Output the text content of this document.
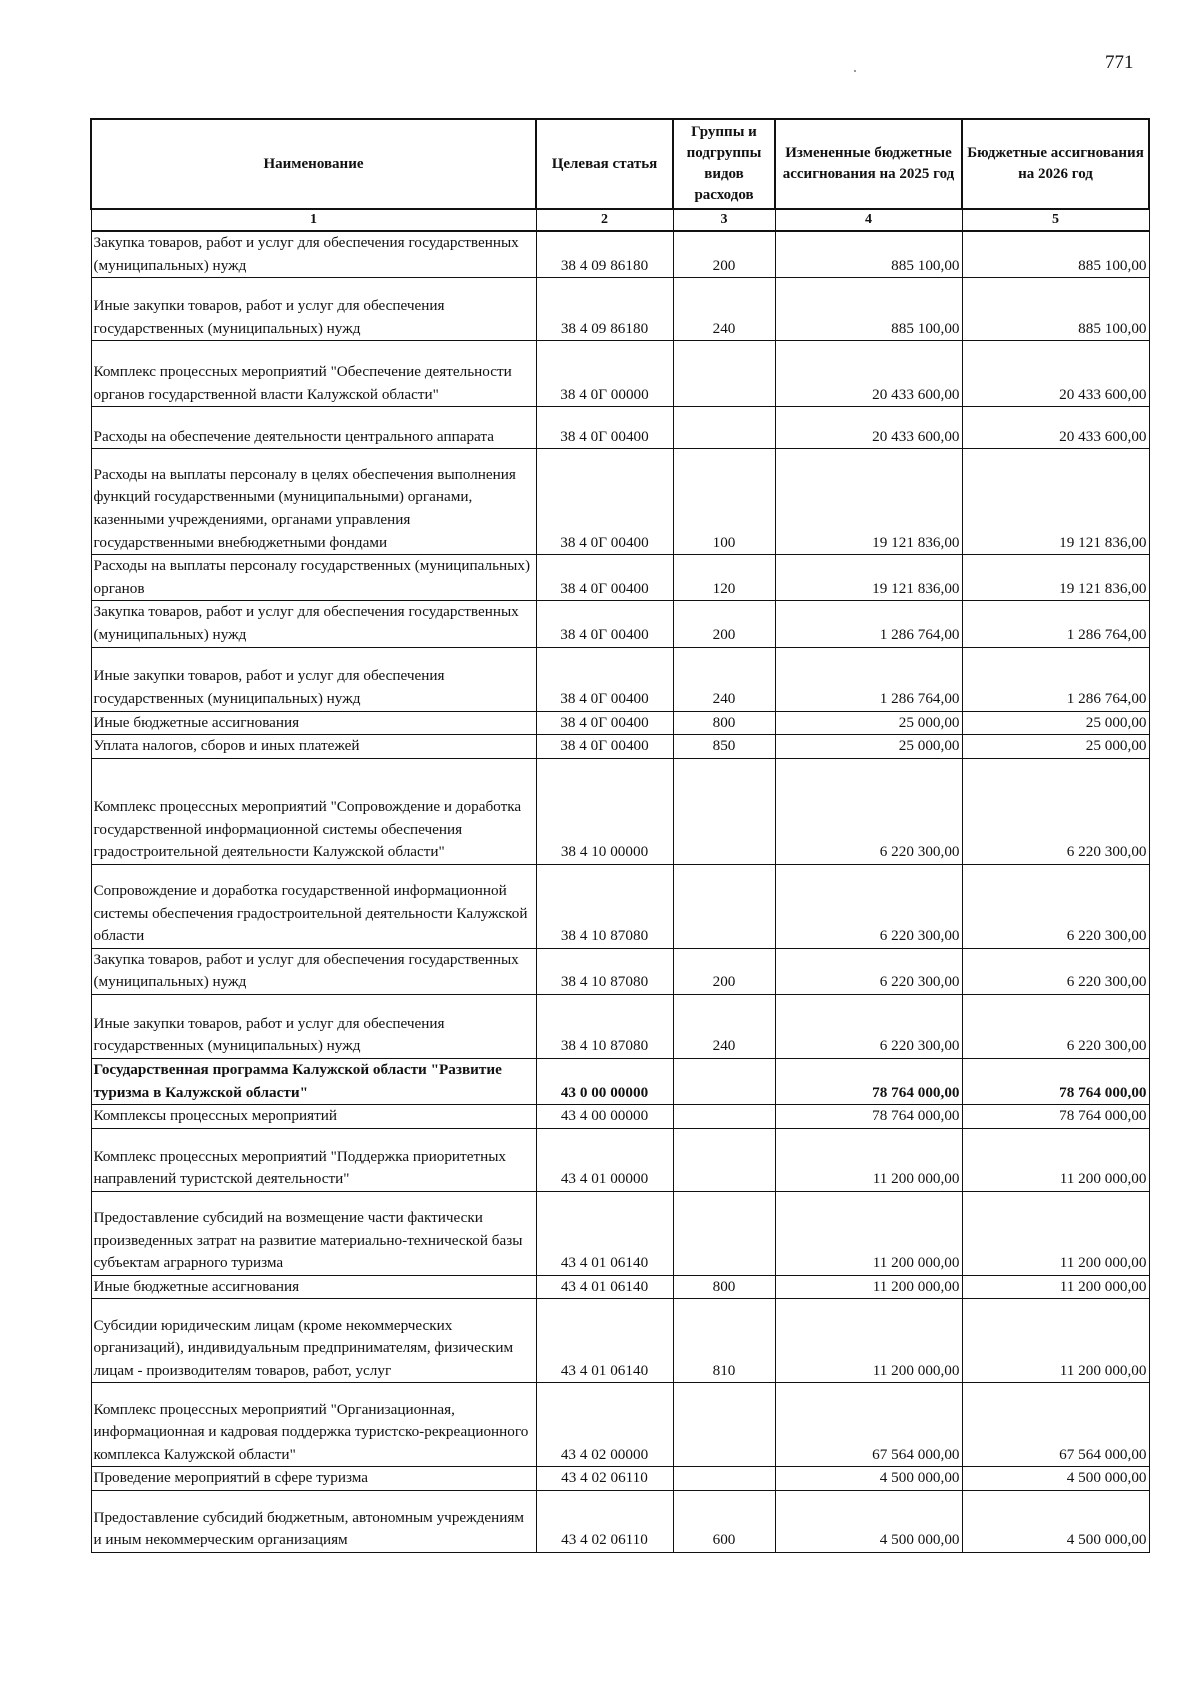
771
Наименование	Целевая статья	Группы и подгруппы видов расходов	Измененные бюджетные ассигнования на 2025 год	Бюджетные ассигнования на 2026 год
1	2	3	4	5
Закупка товаров, работ и услуг для обеспечения государственных (муниципальных) нужд	38 4 09 86180	200	885 100,00	885 100,00
Иные закупки товаров, работ и услуг для обеспечения государственных (муниципальных) нужд	38 4 09 86180	240	885 100,00	885 100,00
Комплекс процессных мероприятий "Обеспечение деятельности органов государственной власти Калужской области"	38 4 0Г 00000		20 433 600,00	20 433 600,00
Расходы на обеспечение деятельности центрального аппарата	38 4 0Г 00400		20 433 600,00	20 433 600,00
Расходы на выплаты персоналу в целях обеспечения выполнения функций государственными (муниципальными) органами, казенными учреждениями, органами управления государственными внебюджетными фондами	38 4 0Г 00400	100	19 121 836,00	19 121 836,00
Расходы на выплаты персоналу государственных (муниципальных) органов	38 4 0Г 00400	120	19 121 836,00	19 121 836,00
Закупка товаров, работ и услуг для обеспечения государственных (муниципальных) нужд	38 4 0Г 00400	200	1 286 764,00	1 286 764,00
Иные закупки товаров, работ и услуг для обеспечения государственных (муниципальных) нужд	38 4 0Г 00400	240	1 286 764,00	1 286 764,00
Иные бюджетные ассигнования	38 4 0Г 00400	800	25 000,00	25 000,00
Уплата налогов, сборов и иных платежей	38 4 0Г 00400	850	25 000,00	25 000,00
Комплекс процессных мероприятий "Сопровождение и доработка государственной информационной системы обеспечения градостроительной деятельности Калужской области"	38 4 10 00000		6 220 300,00	6 220 300,00
Сопровождение и доработка государственной информационной системы обеспечения градостроительной деятельности Калужской области	38 4 10 87080		6 220 300,00	6 220 300,00
Закупка товаров, работ и услуг для обеспечения государственных (муниципальных) нужд	38 4 10 87080	200	6 220 300,00	6 220 300,00
Иные закупки товаров, работ и услуг для обеспечения государственных (муниципальных) нужд	38 4 10 87080	240	6 220 300,00	6 220 300,00
Государственная программа Калужской области "Развитие туризма в Калужской области"	43 0 00 00000		78 764 000,00	78 764 000,00
Комплексы процессных мероприятий	43 4 00 00000		78 764 000,00	78 764 000,00
Комплекс процессных мероприятий "Поддержка приоритетных направлений туристской деятельности"	43 4 01 00000		11 200 000,00	11 200 000,00
Предоставление субсидий на возмещение части фактически произведенных затрат на развитие материально-технической базы субъектам аграрного туризма	43 4 01 06140		11 200 000,00	11 200 000,00
Иные бюджетные ассигнования	43 4 01 06140	800	11 200 000,00	11 200 000,00
Субсидии юридическим лицам (кроме некоммерческих организаций), индивидуальным предпринимателям, физическим лицам - производителям товаров, работ, услуг	43 4 01 06140	810	11 200 000,00	11 200 000,00
Комплекс процессных мероприятий "Организационная, информационная и кадровая поддержка туристско-рекреационного комплекса Калужской области"	43 4 02 00000		67 564 000,00	67 564 000,00
Проведение мероприятий в сфере туризма	43 4 02 06110		4 500 000,00	4 500 000,00
Предоставление субсидий бюджетным, автономным учреждениям и иным некоммерческим организациям	43 4 02 06110	600	4 500 000,00	4 500 000,00
